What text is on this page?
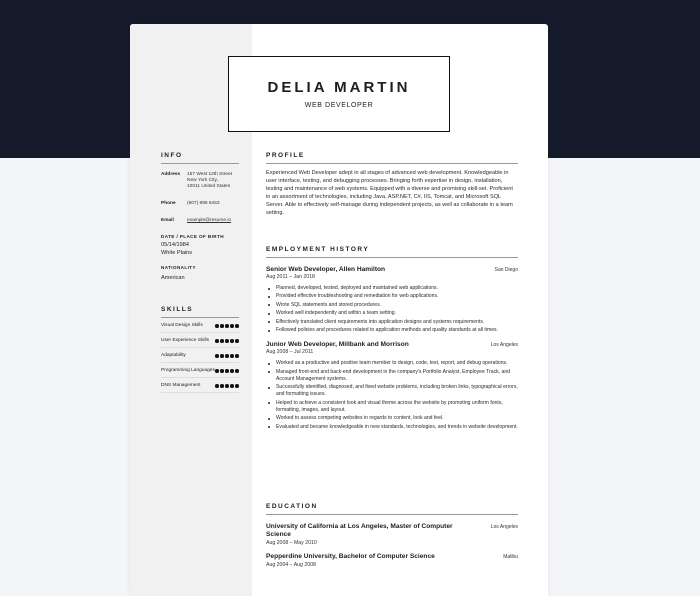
DELIA MARTIN
WEB DEVELOPER
INFO
Address	157 West 12th Street
New York City,
10011 United States
Phone	(607) 896 6453
Email	example@resume.io
DATE / PLACE OF BIRTH
05/14/1984
White Plains
NATIONALITY
American
SKILLS
Visual Design Skills
User Experience Skills
Adaptability
Programming Languages
DNS Management
PROFILE
Experienced Web Developer adept in all stages of advanced web development. Knowledgeable in user interface, testing, and debugging processes. Bringing forth expertise in design, installation, testing and maintenance of web systems. Equipped with a diverse and promising skill-set. Proficient in an assortment of technologies, including Java, ASP.NET, C#, IIS, Tomcat, and Microsoft SQL Server. Able to effectively self-manage during independent projects, as well as collaborate in a team setting.
EMPLOYMENT HISTORY
Senior Web Developer, Allen Hamilton	San Diego
Aug 2011 – Jan 2018
Planned, developed, tested, deployed and maintained web applications.
Provided effective troubleshooting and remediation for web applications.
Wrote SQL statements and stored procedures.
Worked well independently and within a team setting.
Effectively translated client requirements into application designs and systems requirements.
Followed policies and procedures related to application methods and quality standards at all times.
Junior Web Developer, Millbank and Morrison	Los Angeles
Aug 2008 – Jul 2011
Worked as a productive and positive team member to design, code, test, report, and debug operations.
Managed front-end and back-end development in the company's Portfolio Analyst, Employee Track, and Account Management systems.
Successfully identified, diagnosed, and fixed website problems, including broken links, typographical errors, and formatting issues.
Helped to achieve a consistent look and visual theme across the website by promoting uniform fonts, formatting, images, and layout.
Worked to assess competing websites in regards to content, look and feel.
Evaluated and became knowledgeable in new standards, technologies, and trends in website development.
EDUCATION
University of California at Los Angeles, Master of Computer Science
Los Angeles
Aug 2008 – May 2010
Pepperdine University, Bachelor of Computer Science	Malibu
Aug 2004 – Aug 2008
